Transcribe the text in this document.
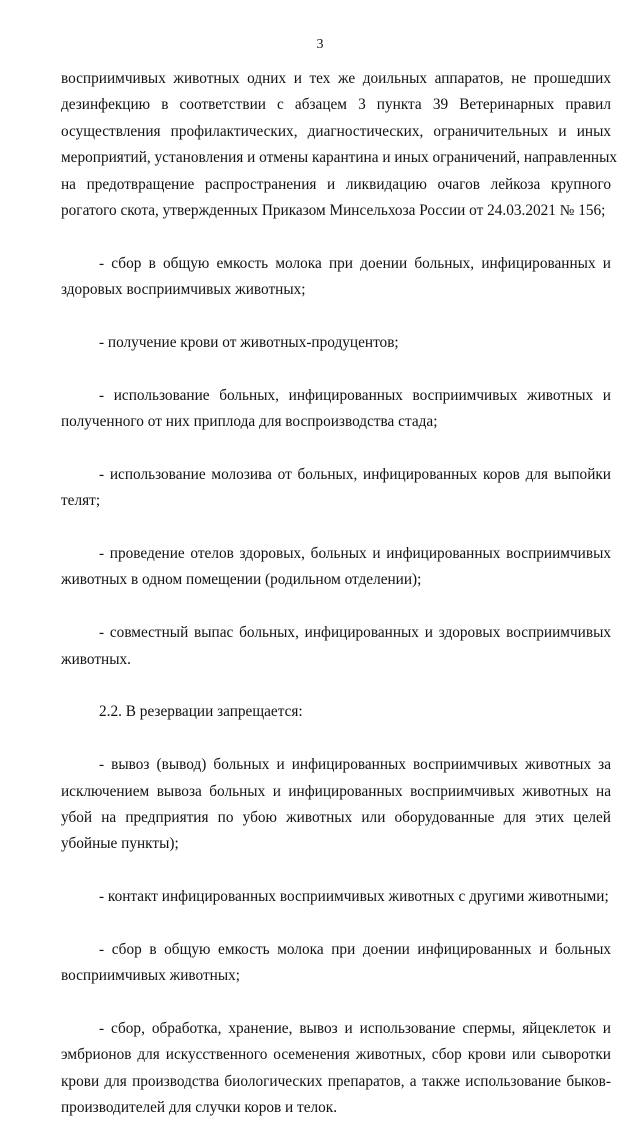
3
восприимчивых животных одних и тех же доильных аппаратов, не прошедших
дезинфекцию в соответствии с абзацем 3 пункта 39 Ветеринарных правил
осуществления профилактических, диагностических, ограничительных и иных
мероприятий, установления и отмены карантина и иных ограничений, направленных
на предотвращение распространения и ликвидацию очагов лейкоза крупного
рогатого скота, утвержденных Приказом Минсельхоза России от 24.03.2021 № 156;
- сбор в общую емкость молока при доении больных, инфицированных и
здоровых восприимчивых животных;
- получение крови от животных-продуцентов;
- использование больных, инфицированных восприимчивых животных и
полученного от них приплода для воспроизводства стада;
- использование молозива от больных, инфицированных коров для выпойки
телят;
- проведение отелов здоровых, больных и инфицированных восприимчивых
животных в одном помещении (родильном отделении);
- совместный выпас больных, инфицированных и здоровых восприимчивых
животных.
2.2. В резервации запрещается:
- вывоз (вывод) больных и инфицированных восприимчивых животных за
исключением вывоза больных и инфицированных восприимчивых животных на
убой на предприятия по убою животных или оборудованные для этих целей
убойные пункты);
- контакт инфицированных восприимчивых животных с другими животными;
- сбор в общую емкость молока при доении инфицированных и больных
восприимчивых животных;
- сбор, обработка, хранение, вывоз и использование спермы, яйцеклеток и
эмбрионов для искусственного осеменения животных, сбор крови или сыворотки
крови для производства биологических препаратов, а также использование быков-
производителей для случки коров и телок.
